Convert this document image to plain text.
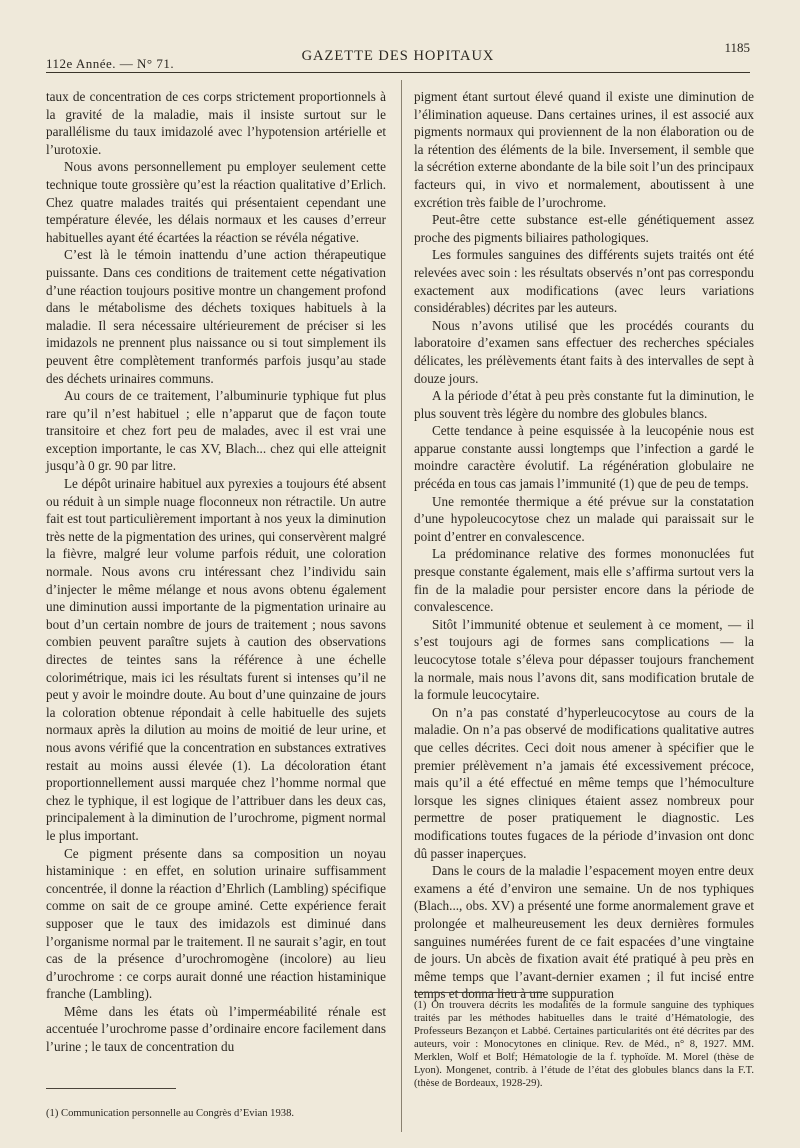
112e Année. — N° 71.	GAZETTE DES HOPITAUX
1185

taux de concentration de ces corps strictement proportionnels à la gravité de la maladie, mais il insiste surtout sur le parallélisme du taux imidazolé avec l’hypotension artérielle et l’urotoxie.

Nous avons personnellement pu employer seulement cette technique toute grossière qu’est la réaction qualitative d’Erlich. Chez quatre malades traités qui présentaient cependant une température élevée, les délais normaux et les causes d’erreur habituelles ayant été écartées la réaction se révéla négative.

C’est là le témoin inattendu d’une action thérapeutique puissante. Dans ces conditions de traitement cette négativation d’une réaction toujours positive montre un changement profond dans le métabolisme des déchets toxiques habituels à la maladie. Il sera nécessaire ultérieurement de préciser si les imidazols ne prennent plus naissance ou si tout simplement ils peuvent être complètement tranformés parfois jusqu’au stade des déchets urinaires communs.

Au cours de ce traitement, l’albuminurie typhique fut plus rare qu’il n’est habituel ; elle n’apparut que de façon toute transitoire et chez fort peu de malades, avec il est vrai une exception importante, le cas XV, Blach... chez qui elle atteignit jusqu’à 0 gr. 90 par litre.

Le dépôt urinaire habituel aux pyrexies a toujours été absent ou réduit à un simple nuage floconneux non rétractile. Un autre fait est tout particulièrement important à nos yeux la diminution très nette de la pigmentation des urines, qui conservèrent malgré la fièvre, malgré leur volume parfois réduit, une coloration normale. Nous avons cru intéressant chez l’individu sain d’injecter le même mélange et nous avons obtenu également une diminution aussi importante de la pigmentation urinaire au bout d’un certain nombre de jours de traitement ; nous savons combien peuvent paraître sujets à caution des observations directes de teintes sans la référence à une échelle colorimétrique, mais ici les résultats furent si intenses qu’il ne peut y avoir le moindre doute. Au bout d’une quinzaine de jours la coloration obtenue répondait à celle habituelle des sujets normaux après la dilution au moins de moitié de leur urine, et nous avons vérifié que la concentration en substances extratives restait au moins aussi élevée (1). La décoloration étant proportionnellement aussi marquée chez l’homme normal que chez le typhique, il est logique de l’attribuer dans les deux cas, principalement à la diminution de l’urochrome, pigment normal le plus important.

Ce pigment présente dans sa composition un noyau histaminique : en effet, en solution urinaire suffisamment concentrée, il donne la réaction d’Ehrlich (Lambling) spécifique comme on sait de ce groupe aminé. Cette expérience ferait supposer que le taux des imidazols est diminué dans l’organisme normal par le traitement. Il ne saurait s’agir, en tout cas de la présence d’urochromogène (incolore) au lieu d’urochrome : ce corps aurait donné une réaction histaminique franche (Lambling).

Même dans les états où l’imperméabilité rénale est accentuée l’urochrome passe d’ordinaire encore facilement dans l’urine ; le taux de concentration du

pigment étant surtout élevé quand il existe une diminution de l’élimination aqueuse. Dans certaines urines, il est associé aux pigments normaux qui proviennent de la non élaboration ou de la rétention des éléments de la bile. Inversement, il semble que la sécrétion externe abondante de la bile soit l’un des principaux facteurs qui, in vivo et normalement, aboutissent à une excrétion très faible de l’urochrome.

Peut-être cette substance est-elle génétiquement assez proche des pigments biliaires pathologiques.

Les formules sanguines des différents sujets traités ont été relevées avec soin : les résultats observés n’ont pas correspondu exactement aux modifications (avec leurs variations considérables) décrites par les auteurs.

Nous n’avons utilisé que les procédés courants du laboratoire d’examen sans effectuer des recherches spéciales délicates, les prélèvements étant faits à des intervalles de sept à douze jours.

A la période d’état à peu près constante fut la diminution, le plus souvent très légère du nombre des globules blancs.

Cette tendance à peine esquissée à la leucopénie nous est apparue constante aussi longtemps que l’infection a gardé le moindre caractère évolutif. La régénération globulaire ne précéda en tous cas jamais l’immunité (1) que de peu de temps.

Une remontée thermique a été prévue sur la constatation d’une hypoleucocytose chez un malade qui paraissait sur le point d’entrer en convalescence.

La prédominance relative des formes mononuclées fut presque constante également, mais elle s’affirma surtout vers la fin de la maladie pour persister encore dans la période de convalescence.

Sitôt l’immunité obtenue et seulement à ce moment, — il s’est toujours agi de formes sans complications — la leucocytose totale s’éleva pour dépasser toujours franchement la normale, mais nous l’avons dit, sans modification brutale de la formule leucocytaire.

On n’a pas constaté d’hyperleucocytose au cours de la maladie. On n’a pas observé de modifications qualitative autres que celles décrites. Ceci doit nous amener à spécifier que le premier prélèvement n’a jamais été excessivement précoce, mais qu’il a été effectué en même temps que l’hémoculture lorsque les signes cliniques étaient assez nombreux pour permettre de poser pratiquement le diagnostic. Les modifications toutes fugaces de la période d’invasion ont donc dû passer inaperçues.

Dans le cours de la maladie l’espacement moyen entre deux examens a été d’environ une semaine. Un de nos typhiques (Blach..., obs. XV) a présenté une forme anormalement grave et prolongée et malheureusement les deux dernières formules sanguines numérées furent de ce fait espacées d’une vingtaine de jours. Un abcès de fixation avait été pratiqué à peu près en même temps que l’avant-dernier examen ; il fut incisé entre temps et donna lieu à une suppuration

(1) On trouvera décrits les modalités de la formule sanguine des typhiques traités par les méthodes habituelles dans le traité d’Hématologie, des Professeurs Bezançon et Labbé. Certaines particularités ont été décrites par des auteurs, voir : Monocytones en clinique. Rev. de Méd., n° 8, 1927. MM. Merklen, Wolf et Bolf; Hématologie de la f. typhoïde. M. Morel (thèse de Lyon). Mongenet, contrib. à l’étude de l’état des globules blancs dans la F.T. (thèse de Bordeaux, 1928-29).
(1) Communication personnelle au Congrès d’Evian 1938.
